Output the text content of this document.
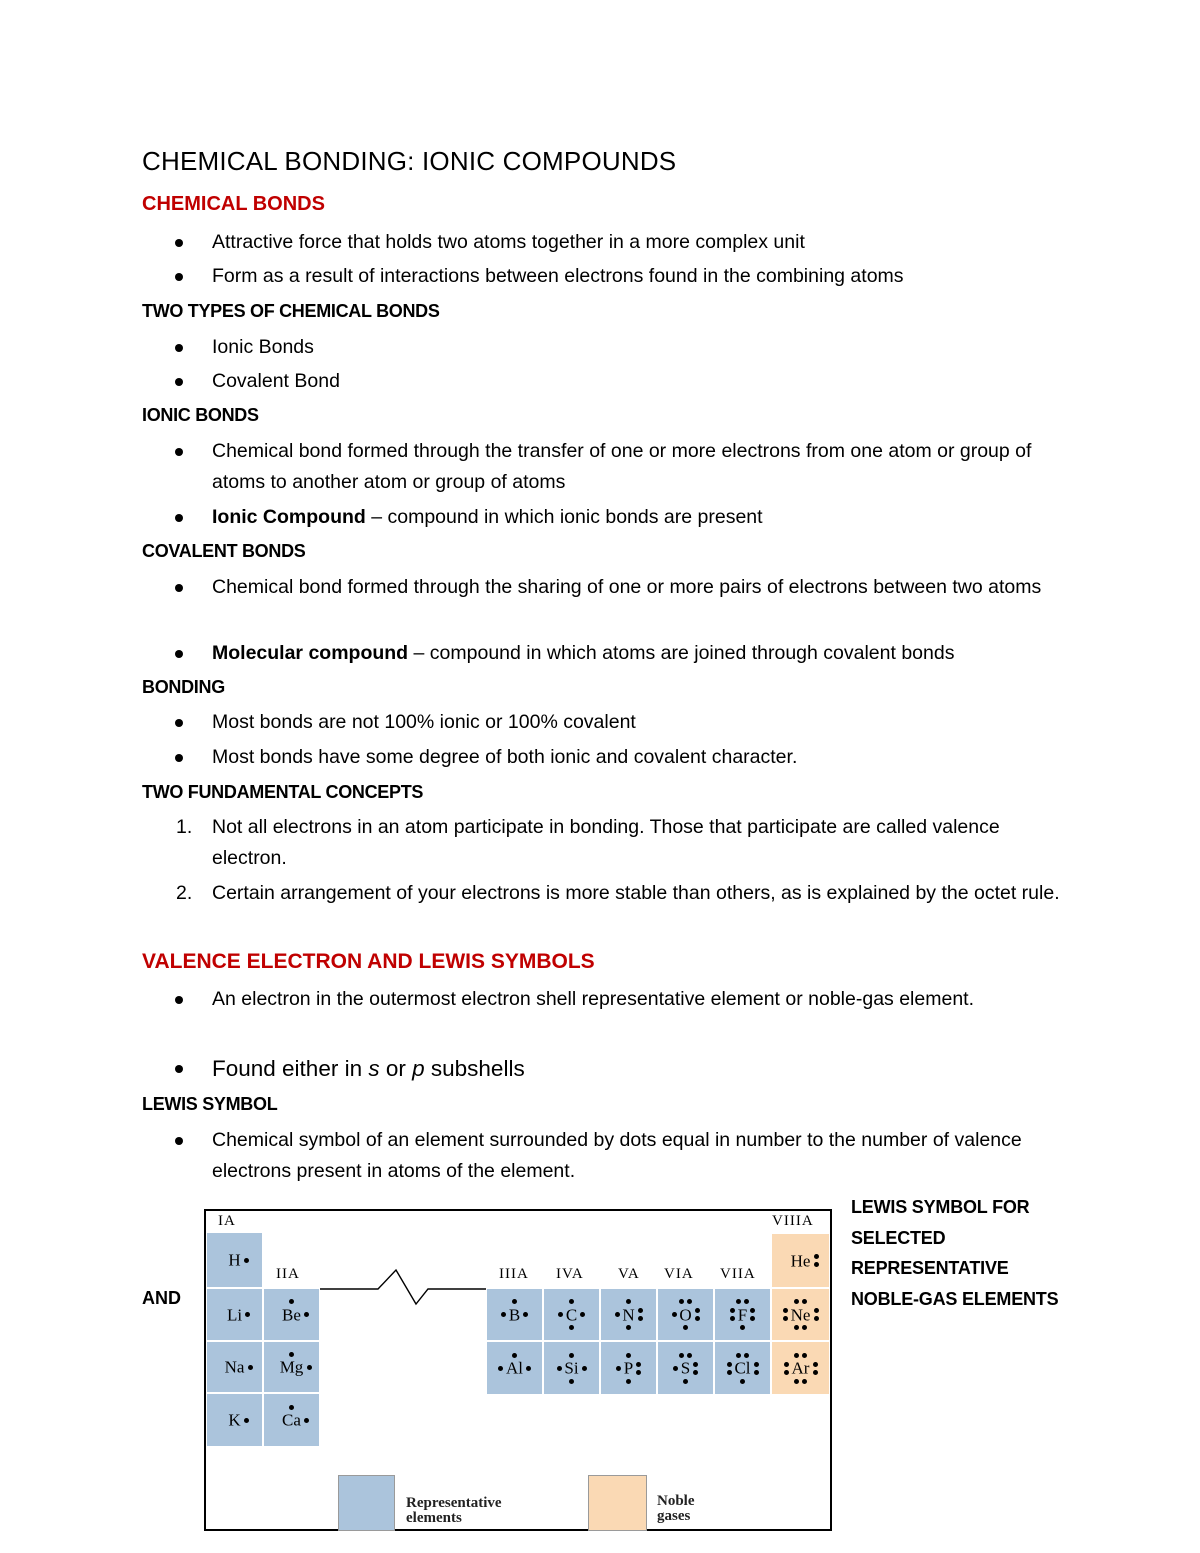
CHEMICAL BONDING: IONIC COMPOUNDS
CHEMICAL BONDS
Attractive force that holds two atoms together in a more complex unit
Form as a result of interactions between electrons found in the combining atoms
TWO TYPES OF CHEMICAL BONDS
Ionic Bonds
Covalent Bond
IONIC BONDS
Chemical bond formed through the transfer of one or more electrons from one atom or group of atoms to another atom or group of atoms
Ionic Compound – compound in which ionic bonds are present
COVALENT BONDS
Chemical bond formed through the sharing of one or more pairs of electrons between two atoms
Molecular compound – compound in which atoms are joined through covalent bonds
BONDING
Most bonds are not 100% ionic or 100% covalent
Most bonds have some degree of both ionic and covalent character.
TWO FUNDAMENTAL CONCEPTS
1. Not all electrons in an atom participate in bonding. Those that participate are called valence electron.
2. Certain arrangement of your electrons is more stable than others, as is explained by the octet rule.
VALENCE ELECTRON AND LEWIS SYMBOLS
An electron in the outermost electron shell representative element or noble-gas element.
Found either in s or p subshells
LEWIS SYMBOL
Chemical symbol of an element surrounded by dots equal in number to the number of valence electrons present in atoms of the element.
AND
LEWIS SYMBOL FOR SELECTED REPRESENTATIVE NOBLE-GAS ELEMENTS
IA
IIA	IIIA IVA VA VIA VIIA
VIIIA
H
Li
Na
K
Be
Mg
Ca
B
Al
C
Si
N
P
O
S
F
Cl
He
Ne
Ar
Representative elements
Noble gases
